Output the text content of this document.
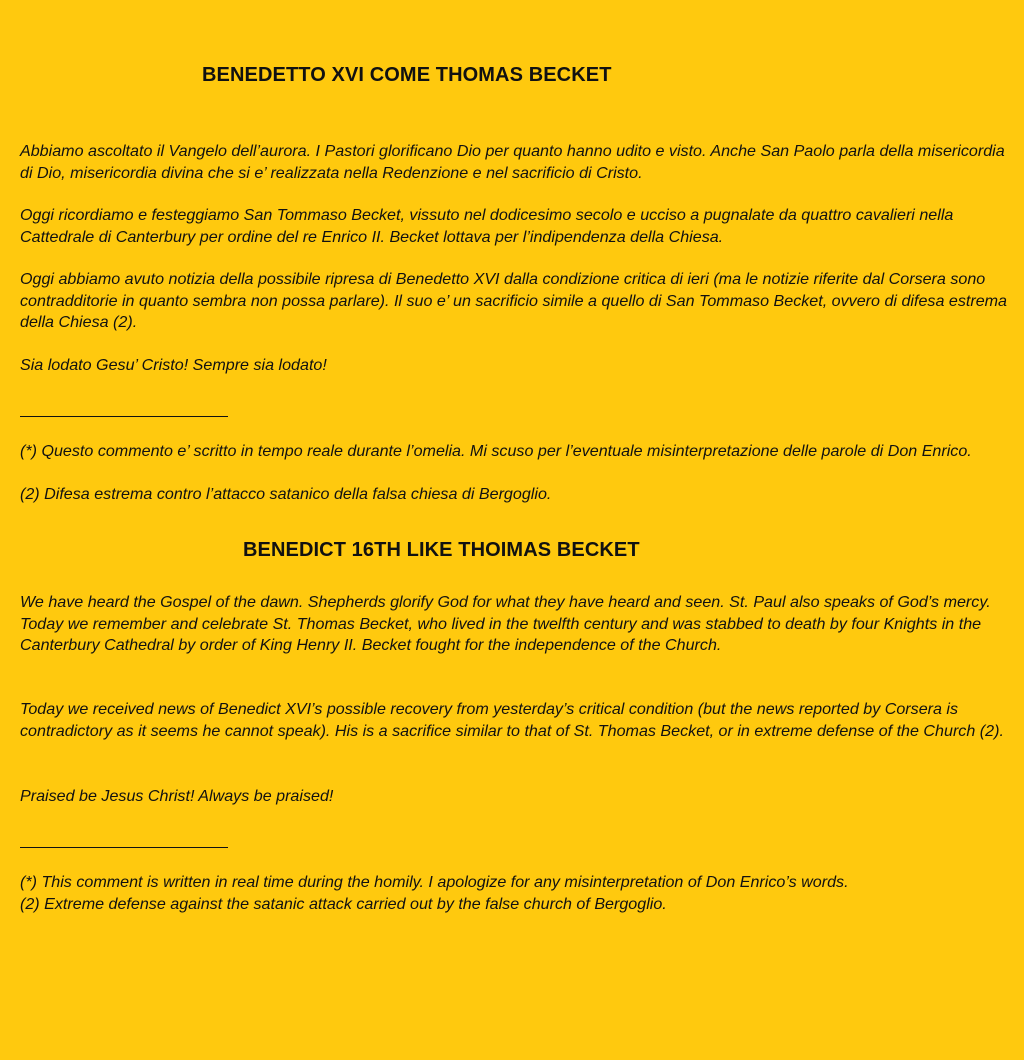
BENEDETTO XVI COME THOMAS BECKET

Abbiamo ascoltato il Vangelo dell’aurora. I Pastori glorificano Dio per quanto hanno udito e visto. Anche San Paolo parla della misericordia di Dio, misericordia divina che si e’ realizzata nella Redenzione e nel sacrificio di Cristo.

Oggi ricordiamo e festeggiamo San Tommaso Becket, vissuto nel dodicesimo secolo e ucciso a pugnalate da quattro cavalieri nella Cattedrale di Canterbury per ordine del re Enrico II. Becket lottava per l’indipendenza della Chiesa.

Oggi abbiamo avuto notizia della possibile ripresa di Benedetto XVI dalla condizione critica di ieri (ma le notizie riferite dal Corsera sono contradditorie in quanto sembra non possa parlare). Il suo e’ un sacrificio simile a quello di San Tommaso Becket, ovvero di difesa estrema della Chiesa (2).

Sia lodato Gesu’ Cristo! Sempre sia lodato!

(*) Questo commento e’ scritto in tempo reale durante l’omelia. Mi scuso per l’eventuale misinterpretazione delle parole di Don Enrico.

(2) Difesa estrema contro l’attacco satanico della falsa chiesa di Bergoglio.

BENEDICT 16TH LIKE THOIMAS BECKET

We have heard the Gospel of the dawn. Shepherds glorify God for what they have heard and seen. St. Paul also speaks of God’s mercy. Today we remember and celebrate St. Thomas Becket, who lived in the twelfth century and was stabbed to death by four Knights in the Canterbury Cathedral by order of King Henry II. Becket fought for the independence of the Church.

Today we received news of Benedict XVI’s possible recovery from yesterday’s critical condition (but the news reported by Corsera is contradictory as it seems he cannot speak). His is a sacrifice similar to that of St. Thomas Becket, or in extreme defense of the Church (2).

Praised be Jesus Christ! Always be praised!

(*) This comment is written in real time during the homily. I apologize for any misinterpretation of Don Enrico’s words.

(2) Extreme defense against the satanic attack carried out by the false church of Bergoglio.
